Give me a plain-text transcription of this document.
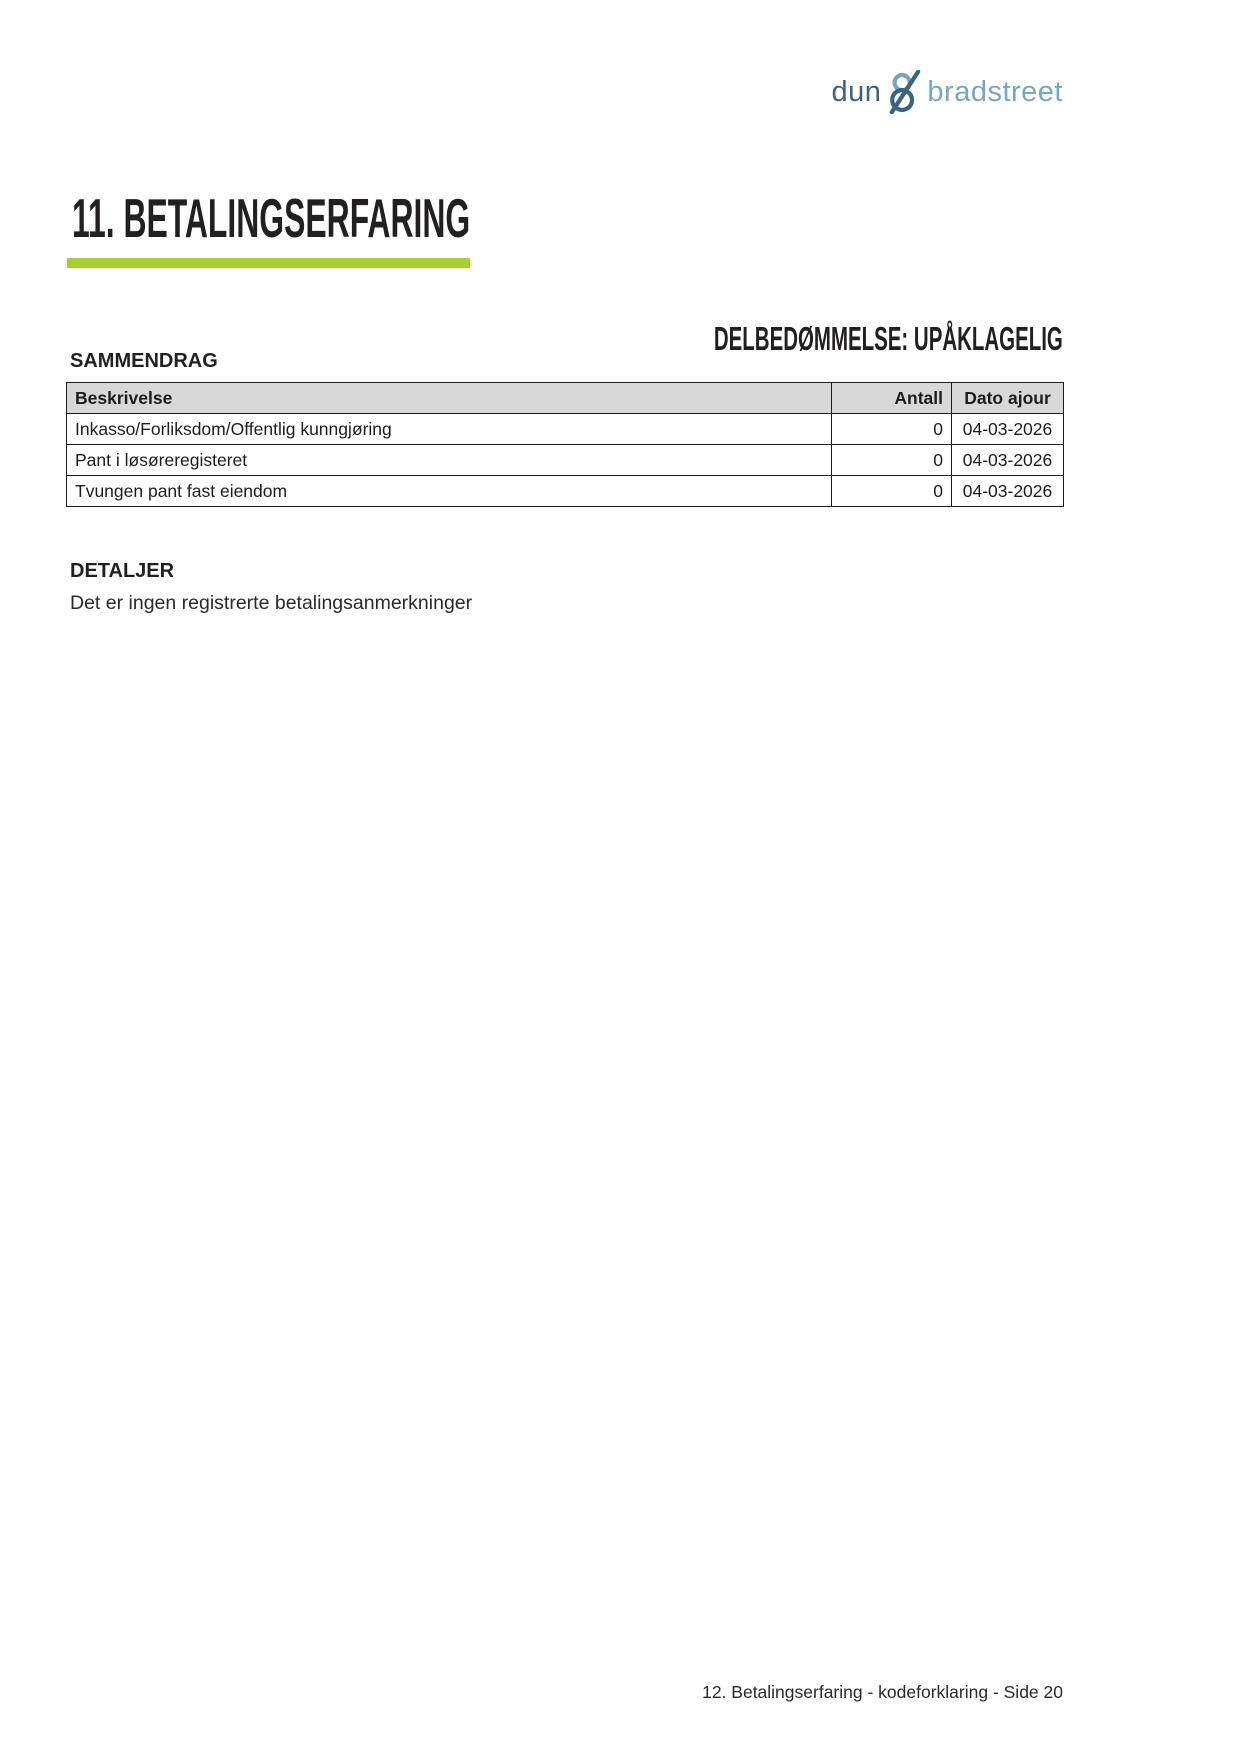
dun bradstreet
11. BETALINGSERFARING
DELBEDØMMELSE: UPÅKLAGELIG
SAMMENDRAG
Beskrivelse	Antall	Dato ajour
Inkasso/Forliksdom/Offentlig kunngjøring	0	04-03-2026
Pant i løsøreregisteret	0	04-03-2026
Tvungen pant fast eiendom	0	04-03-2026
DETALJER
Det er ingen registrerte betalingsanmerkninger
12. Betalingserfaring - kodeforklaring - Side 20
